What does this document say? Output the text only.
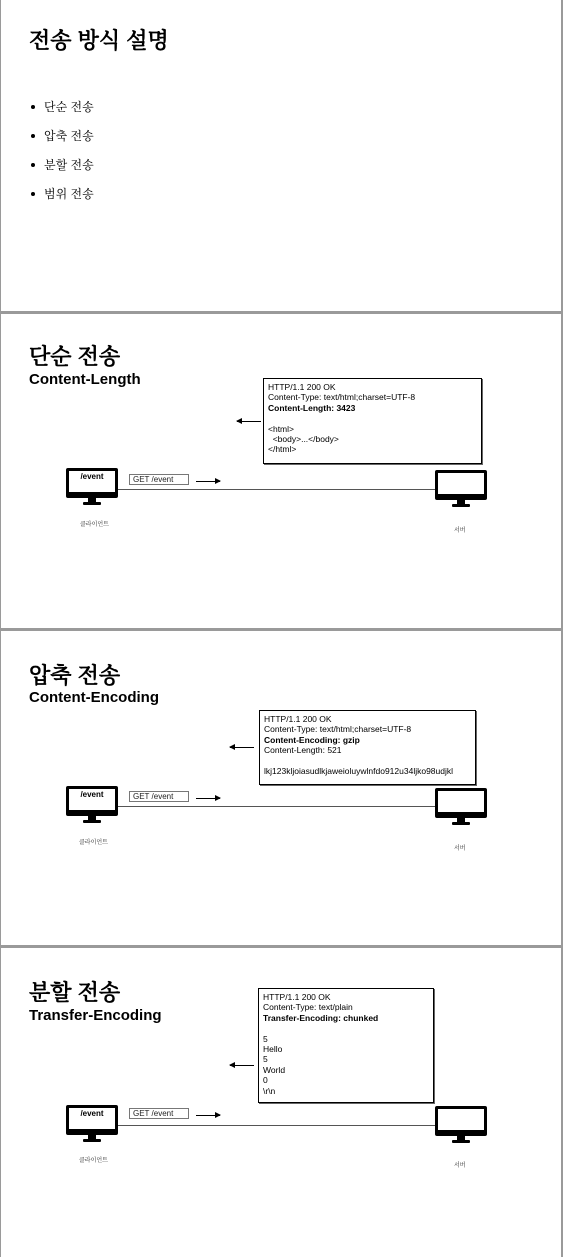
전송 방식 설명
단순 전송
압축 전송
분할 전송
범위 전송
단순 전송
Content-Length	HTTP/1.1 200 OK
Content-Type: text/html;charset=UTF-8
Content-Length: 3423
<html>
<body>...</body>
</html>
/event	GET /event
클라이언트
서버
압축 전송
Content-Encoding
HTTP/1.1 200 OK
Content-Type: text/html;charset=UTF-8
Content-Encoding: gzip
Content-Length: 521
lkj123kljoiasudlkjaweioluywlnfdo912u34ljko98udjkl
/event	GET /event
클라이언트
서버
분할 전송
Transfer-Encoding
HTTP/1.1 200 OK
Content-Type: text/plain
Transfer-Encoding: chunked
5
Hello
5
World
0
\r\n
/event	GET /event
클라이언트
서버
